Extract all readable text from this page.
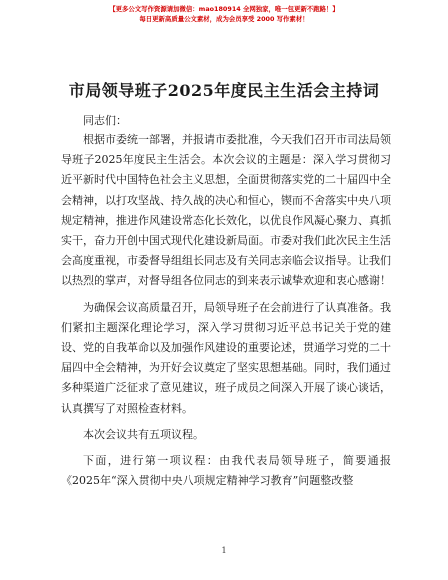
【更多公文写作资源请加微信：mao180914 全网独家，唯一包更新不跑路！】
每日更新高质量公文素材，成为会员享受 2000 写作素材！
市局领导班子2025年度民主生活会主持词
同志们：

根据市委统一部署，并报请市委批准，今天我们召开市司法局领导班子2025年度民主生活会。本次会议的主题是：深入学习贯彻习近平新时代中国特色社会主义思想，全面贯彻落实党的二十届四中全会精神，以打攻坚战、持久战的决心和恒心，锲而不舍落实中央八项规定精神，推进作风建设常态化长效化，以优良作风凝心聚力、真抓实干，奋力开创中国式现代化建设新局面。市委对我们此次民主生活会高度重视，市委督导组组长同志及有关同志亲临会议指导。让我们以热烈的掌声，对督导组各位同志的到来表示诚挚欢迎和衷心感谢！

为确保会议高质量召开，局领导班子在会前进行了认真准备。我们紧扣主题深化理论学习，深入学习贯彻习近平总书记关于党的建设、党的自我革命以及加强作风建设的重要论述，贯通学习党的二十届四中全会精神，为开好会议奠定了坚实思想基础。同时，我们通过多种渠道广泛征求了意见建议，班子成员之间深入开展了谈心谈话，认真撰写了对照检查材料。

本次会议共有五项议程。

下面，进行第一项议程：由我代表局领导班子，简要通报《2025年“深入贯彻中央八项规定精神学习教育”问题整改整

1
